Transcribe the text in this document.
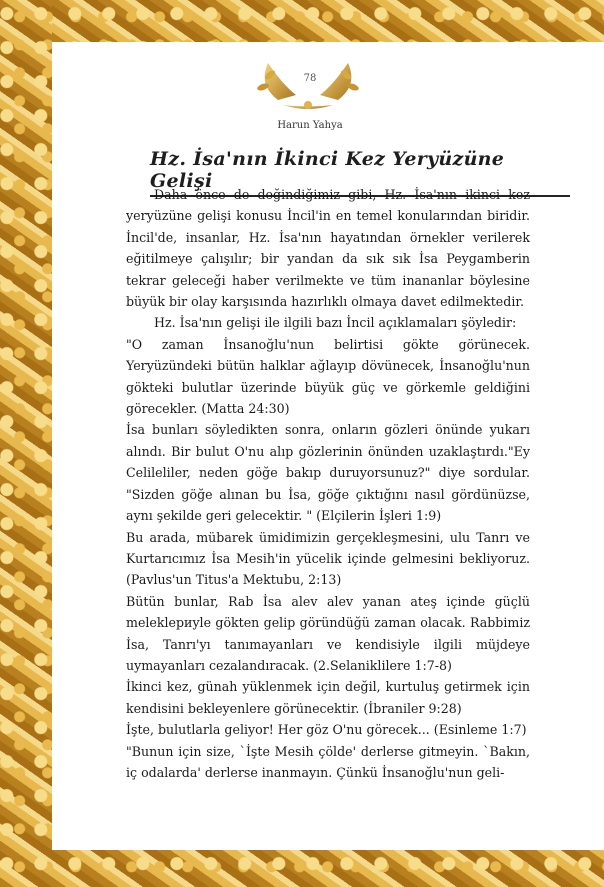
78
Harun Yahya
Hz. İsa'nın İkinci Kez Yeryüzüne Gelişi

Daha önce de değindiğimiz gibi, Hz. İsa'nın ikinci kez yeryüzüne gelişi konusu İncil'in en temel konularından biridir. İncil'de, insanlar, Hz. İsa'nın hayatından örnekler verilerek eğitilmeye çalışılır; bir yandan da sık sık İsa Peygamberin tekrar geleceği haber verilmekte ve tüm inananlar böylesine büyük bir olay karşısında hazırlıklı olmaya davet edilmektedir.

Hz. İsa'nın gelişi ile ilgili bazı İncil açıklamaları şöyledir:

"O zaman İnsanoğlu'nun belirtisi gökte görünecek. Yeryüzündeki bütün halklar ağlayıp dövünecek, İnsanoğlu'nun gökteki bulutlar üzerinde büyük güç ve görkemle geldiğini görecekler. (Matta 24:30)

İsa bunları söyledikten sonra, onların gözleri önünde yukarı alındı. Bir bulut O'nu alıp gözlerinin önünden uzaklaştırdı."Ey Celileliler, neden göğe bakıp duruyorsunuz?" diye sordular. "Sizden göğe alınan bu İsa, göğe çıktığını nasıl gördünüzse, aynı şekilde geri gelecektir. " (Elçilerin İşleri 1:9)

Bu arada, mübarek ümidimizin gerçekleşmesini, ulu Tanrı ve Kurtarıcımız İsa Mesih'in yücelik içinde gelmesini bekliyoruz. (Pavlus'un Titus'a Mektubu, 2:13)

Bütün bunlar, Rab İsa alev alev yanan ateş içinde güçlü meleklериyle gökten gelip göründüğü zaman olacak. Rabbimiz İsa, Tanrı'yı tanımayanları ve kendisiyle ilgili müjdeye uymayanları cezalandıracak. (2.Selaniklilere 1:7-8)

İkinci kez, günah yüklenmek için değil, kurtuluş getirmek için kendisini bekleyenlere görünecektir. (İbraniler 9:28)

İşte, bulutlarla geliyor! Her göz O'nu görecek... (Esinleme 1:7)

"Bunun için size, `İşte Mesih çölde' derlerse gitmeyin. `Bakın, iç odalarda' derlerse inanmayın. Çünkü İnsanoğlu'nun geli-
